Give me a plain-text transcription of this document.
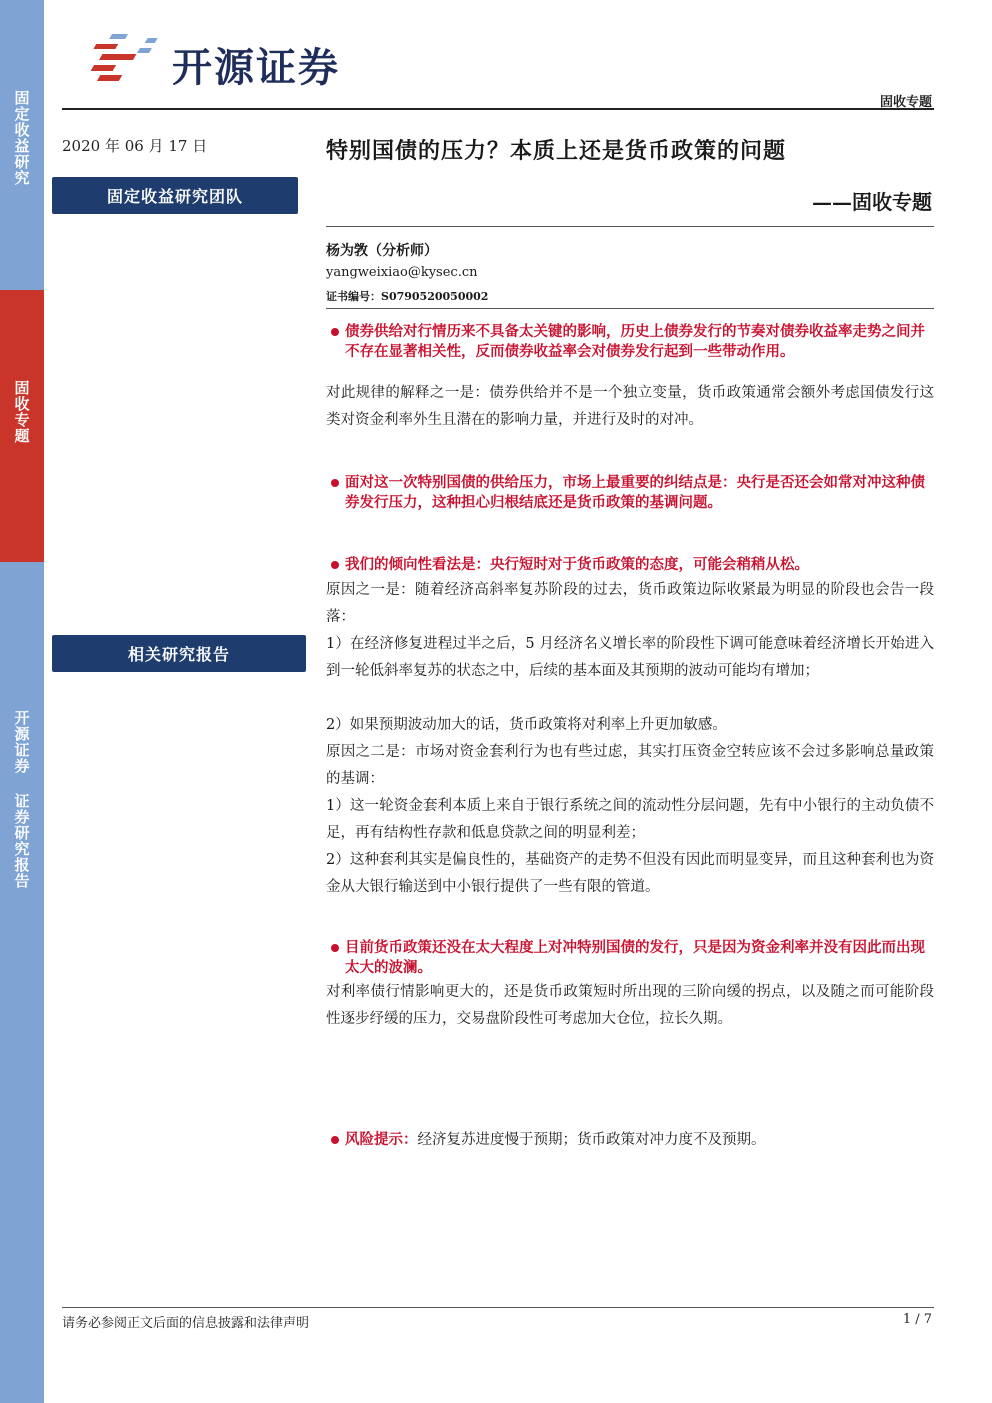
固定收益研究
固收专题
开源证券 证券研究报告
开源证券
固收专题
2020 年 06 月 17 日
固定收益研究团队
相关研究报告
特别国债的压力？本质上还是货币政策的问题
——固收专题
杨为敩（分析师）
yangweixiao@kysec.cn
证书编号：S0790520050002
债券供给对行情历来不具备太关键的影响，历史上债券发行的节奏对债券收益率走势之间并不存在显著相关性，反而债券收益率会对债券发行起到一些带动作用。
对此规律的解释之一是：债券供给并不是一个独立变量，货币政策通常会额外考虑国债发行这类对资金利率外生且潜在的影响力量，并进行及时的对冲。
面对这一次特别国债的供给压力，市场上最重要的纠结点是：央行是否还会如常对冲这种债券发行压力，这种担心归根结底还是货币政策的基调问题。
我们的倾向性看法是：央行短时对于货币政策的态度，可能会稍稍从松。
原因之一是：随着经济高斜率复苏阶段的过去，货币政策边际收紧最为明显的阶段也会告一段落：
1）在经济修复进程过半之后，5 月经济名义增长率的阶段性下调可能意味着经济增长开始进入到一轮低斜率复苏的状态之中，后续的基本面及其预期的波动可能均有增加；
2）如果预期波动加大的话，货币政策将对利率上升更加敏感。
原因之二是：市场对资金套利行为也有些过虑，其实打压资金空转应该不会过多影响总量政策的基调：
1）这一轮资金套利本质上来自于银行系统之间的流动性分层问题，先有中小银行的主动负债不足，再有结构性存款和低息贷款之间的明显利差；
2）这种套利其实是偏良性的，基础资产的走势不但没有因此而明显变异，而且这种套利也为资金从大银行输送到中小银行提供了一些有限的管道。
目前货币政策还没在太大程度上对冲特别国债的发行，只是因为资金利率并没有因此而出现太大的波澜。
对利率债行情影响更大的，还是货币政策短时所出现的三阶向缓的拐点，以及随之而可能阶段性逐步纾缓的压力，交易盘阶段性可考虑加大仓位，拉长久期。
风险提示：经济复苏进度慢于预期；货币政策对冲力度不及预期。
请务必参阅正文后面的信息披露和法律声明	1 / 7
